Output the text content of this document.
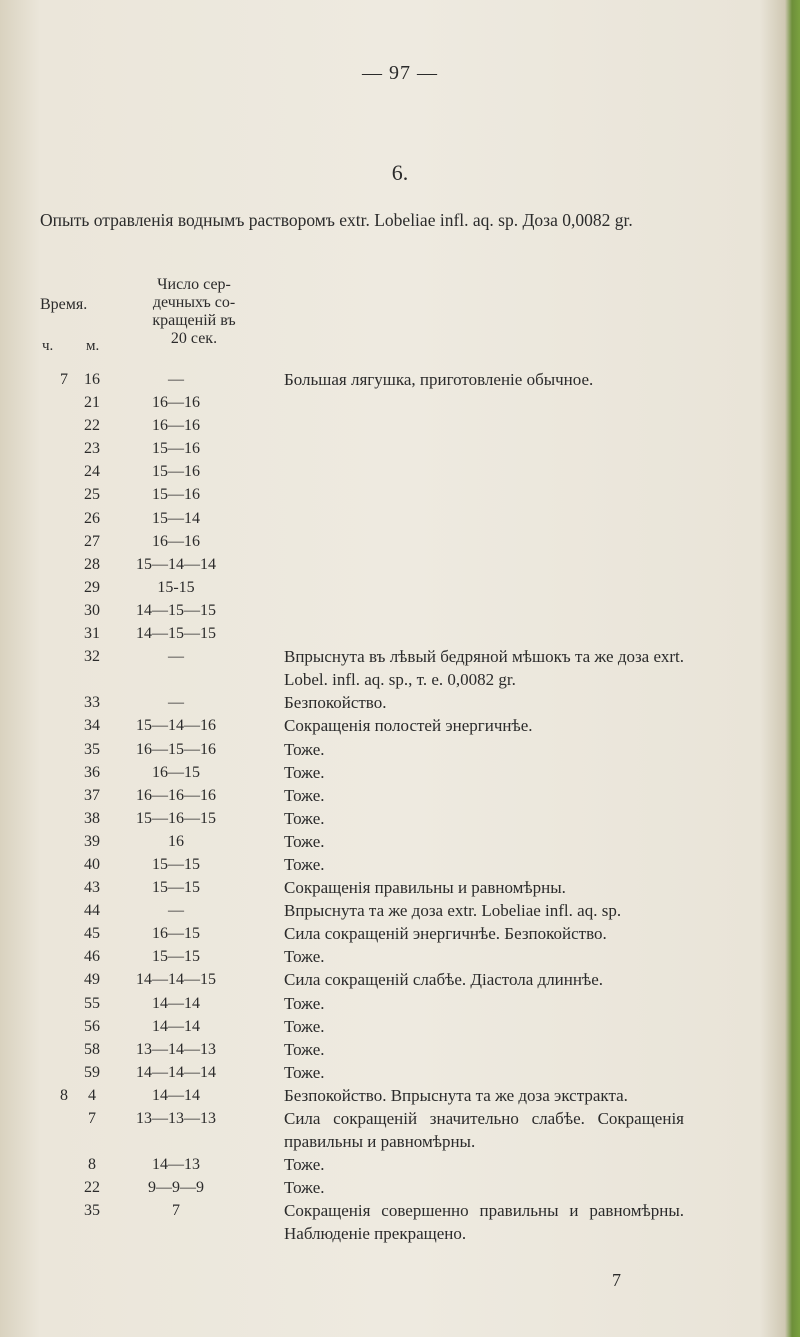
— 97 —
6.
Опыть отравленія воднымъ растворомъ extr. Lobeliae infl. aq. sp. Доза 0,0082 gr.
Время.
Число сер-
дечныхъ со-
кращеній въ
20 сек.
ч. м.
7	16	—	Большая лягушка, приготовленіе обычное.
21	16—16
22	16—16
23	15—16
24	15—16
25	15—16
26	15—14
27	16—16
28	15—14—14
29	15-15
30	14—15—15
31	14—15—15
32	—	Впрыснута въ лѣвый бедряной мѣшокъ та же доза ехrt. Lobel. infl. aq. sp., т. е. 0,0082 gr.
33	—	Безпокойство.
34	15—14—16	Сокращенія полостей энергичнѣе.
35	16—15—16	Тоже.
36	16—15	Тоже.
37	16—16—16	Тоже.
38	15—16—15	Тоже.
39	16	Тоже.
40	15—15	Тоже.
43	15—15	Сокращенія правильны и равномѣрны.
44	—	Впрыснута та же доза extr. Lobeliae infl. aq. sp.
45	16—15	Сила сокращеній энергичнѣе. Безпокойство.
46	15—15	Тоже.
49	14—14—15	Сила сокращеній слабѣе. Діастола длиннѣе.
55	14—14	Тоже.
56	14—14	Тоже.
58	13—14—13	Тоже.
59	14—14—14	Тоже.
8	4	14—14	Безпокойство. Впрыснута та же доза экстракта.
7	13—13—13	Сила сокращеній значительно слабѣе. Сокращенія правильны и равномѣрны.
8	14—13	Тоже.
22	9—9—9	Тоже.
35	7	Сокращенія совершенно правильны и равномѣрны. Наблюденіе прекращено.
7
